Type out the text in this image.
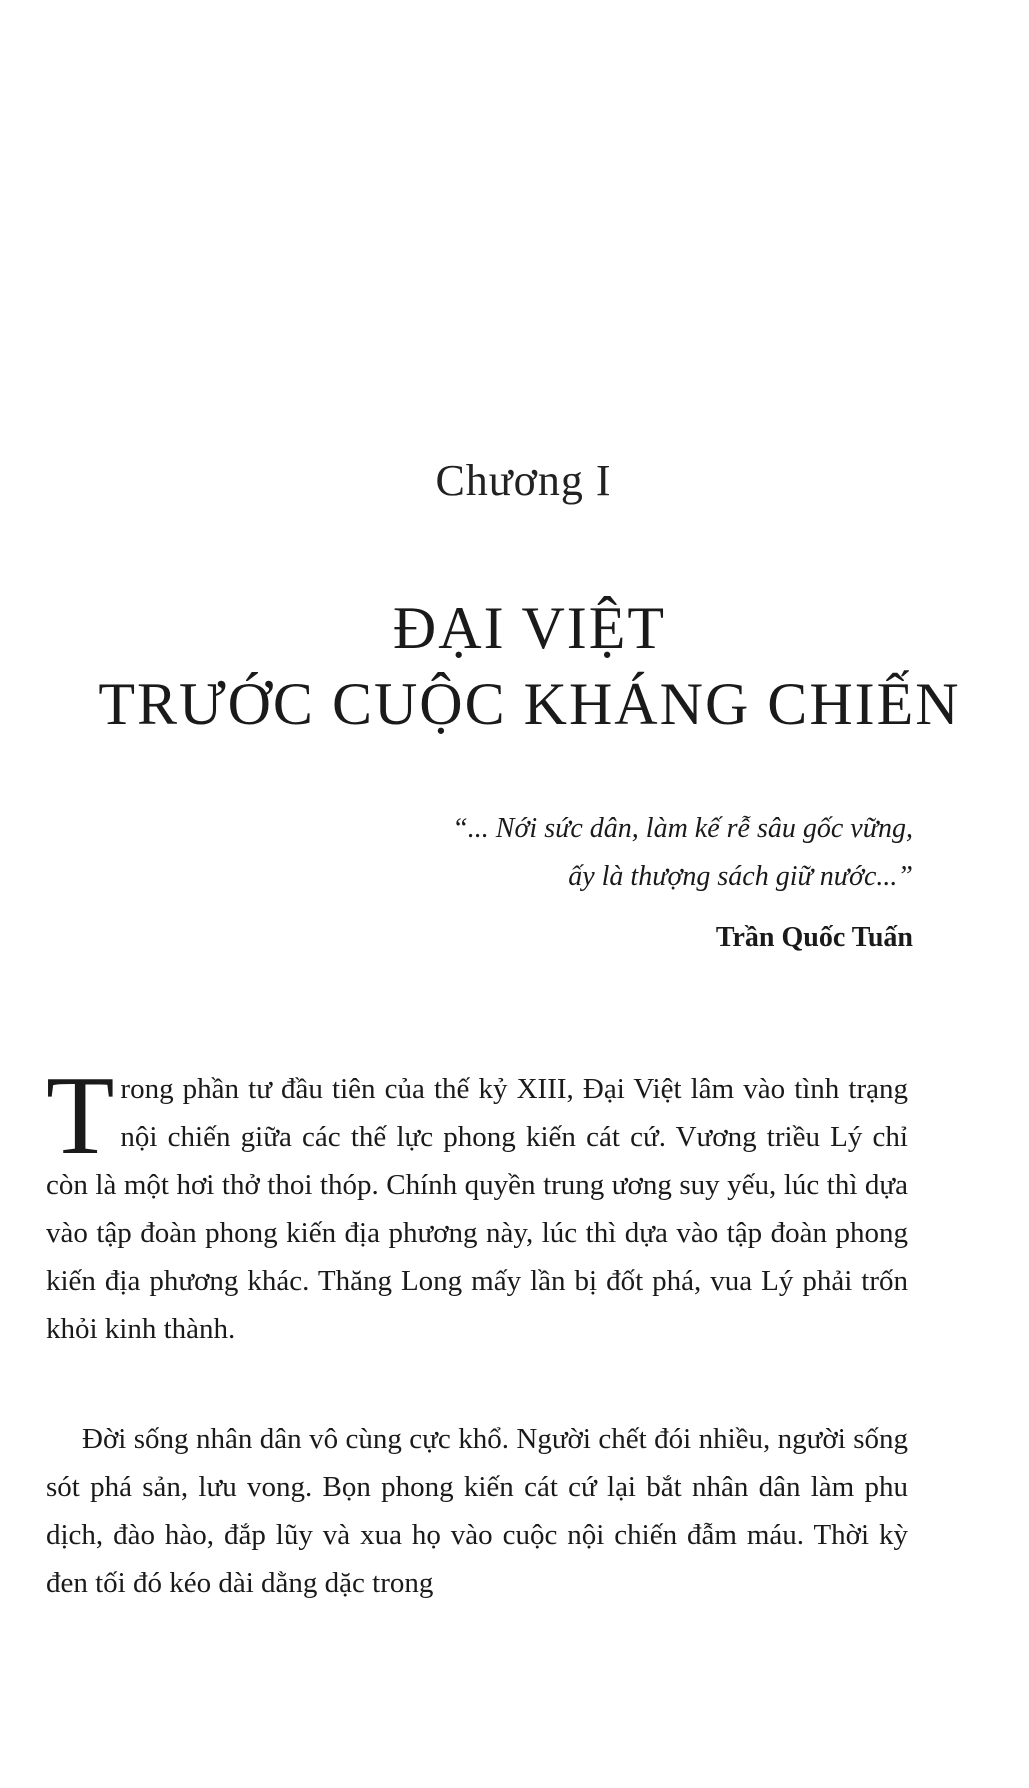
Chương I
ĐẠI VIỆT
TRƯỚC CUỘC KHÁNG CHIẾN
“... Nới sức dân, làm kế rễ sâu gốc vững,
ấy là thượng sách giữ nước...”
Trần Quốc Tuấn
Trong phần tư đầu tiên của thế kỷ XIII, Đại Việt lâm vào tình trạng nội chiến giữa các thế lực phong kiến cát cứ. Vương triều Lý chỉ còn là một hơi thở thoi thóp. Chính quyền trung ương suy yếu, lúc thì dựa vào tập đoàn phong kiến địa phương này, lúc thì dựa vào tập đoàn phong kiến địa phương khác. Thăng Long mấy lần bị đốt phá, vua Lý phải trốn khỏi kinh thành.
Đời sống nhân dân vô cùng cực khổ. Người chết đói nhiều, người sống sót phá sản, lưu vong. Bọn phong kiến cát cứ lại bắt nhân dân làm phu dịch, đào hào, đắp lũy và xua họ vào cuộc nội chiến đẫm máu. Thời kỳ đen tối đó kéo dài dằng dặc trong
